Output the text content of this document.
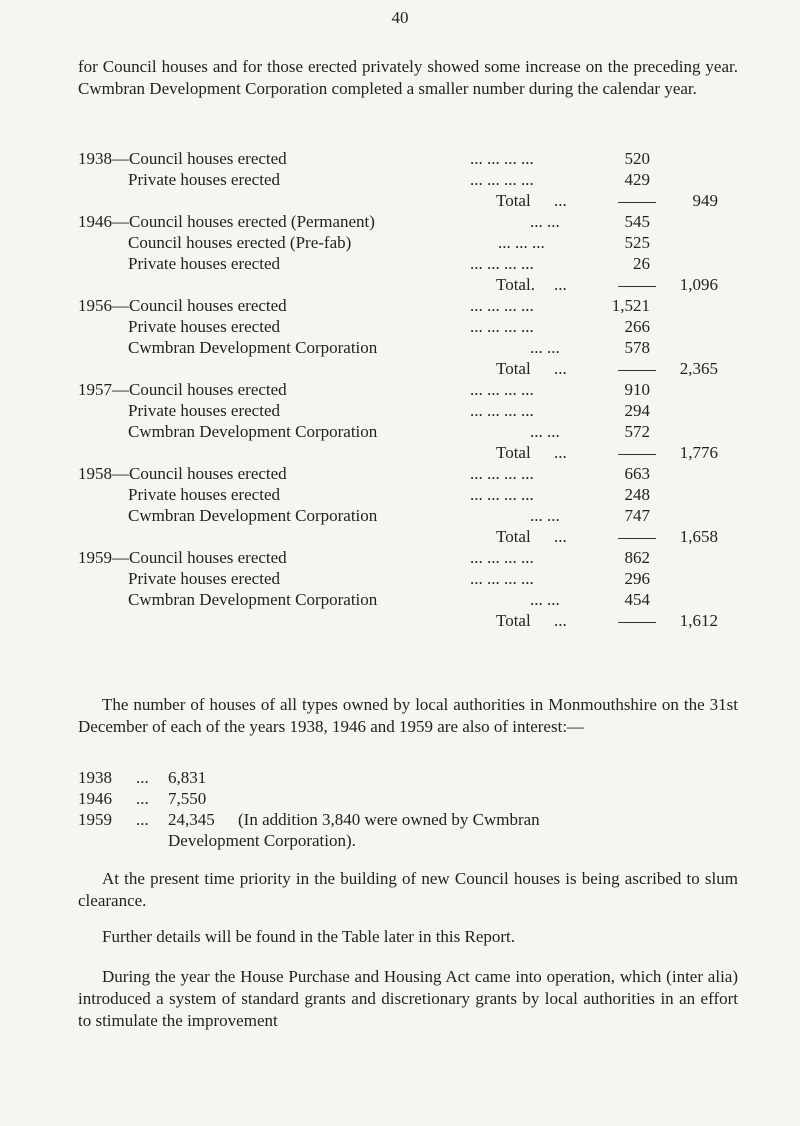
40

for Council houses and for those erected privately showed some increase on the preceding year. Cwmbran Development Corporation completed a smaller number during the calendar year.

1938—Council houses erected	... ... ... ...	520
Private houses erected	... ... ... ...	429
Total ...	949
1946—Council houses erected (Permanent)	... ...	545
Council houses erected (Pre-fab)	... ... ...	525
Private houses erected	... ... ... ...	26
Total. ...	1,096
1956—Council houses erected	... ... ... ...	1,521
Private houses erected	... ... ... ...	266
Cwmbran Development Corporation	... ...	578
Total ...	2,365
1957—Council houses erected	... ... ... ...	910
Private houses erected	... ... ... ...	294
Cwmbran Development Corporation	... ...	572
Total ...	1,776
1958—Council houses erected	... ... ... ...	663
Private houses erected	... ... ... ...	248
Cwmbran Development Corporation	... ...	747
Total ...	1,658
1959—Council houses erected	... ... ... ...	862
Private houses erected	... ... ... ...	296
Cwmbran Development Corporation	... ...	454
Total ...	1,612

The number of houses of all types owned by local authorities in Monmouthshire on the 31st December of each of the years 1938, 1946 and 1959 are also of interest:—

1938 ... 6,831
1946 ... 7,550
1959 ... 24,345 (In addition 3,840 were owned by Cwmbran
Development Corporation).

At the present time priority in the building of new Council houses is being ascribed to slum clearance.

Further details will be found in the Table later in this Report.

During the year the House Purchase and Housing Act came into operation, which (inter alia) introduced a system of standard grants and discretionary grants by local authorities in an effort to stimulate the improvement
